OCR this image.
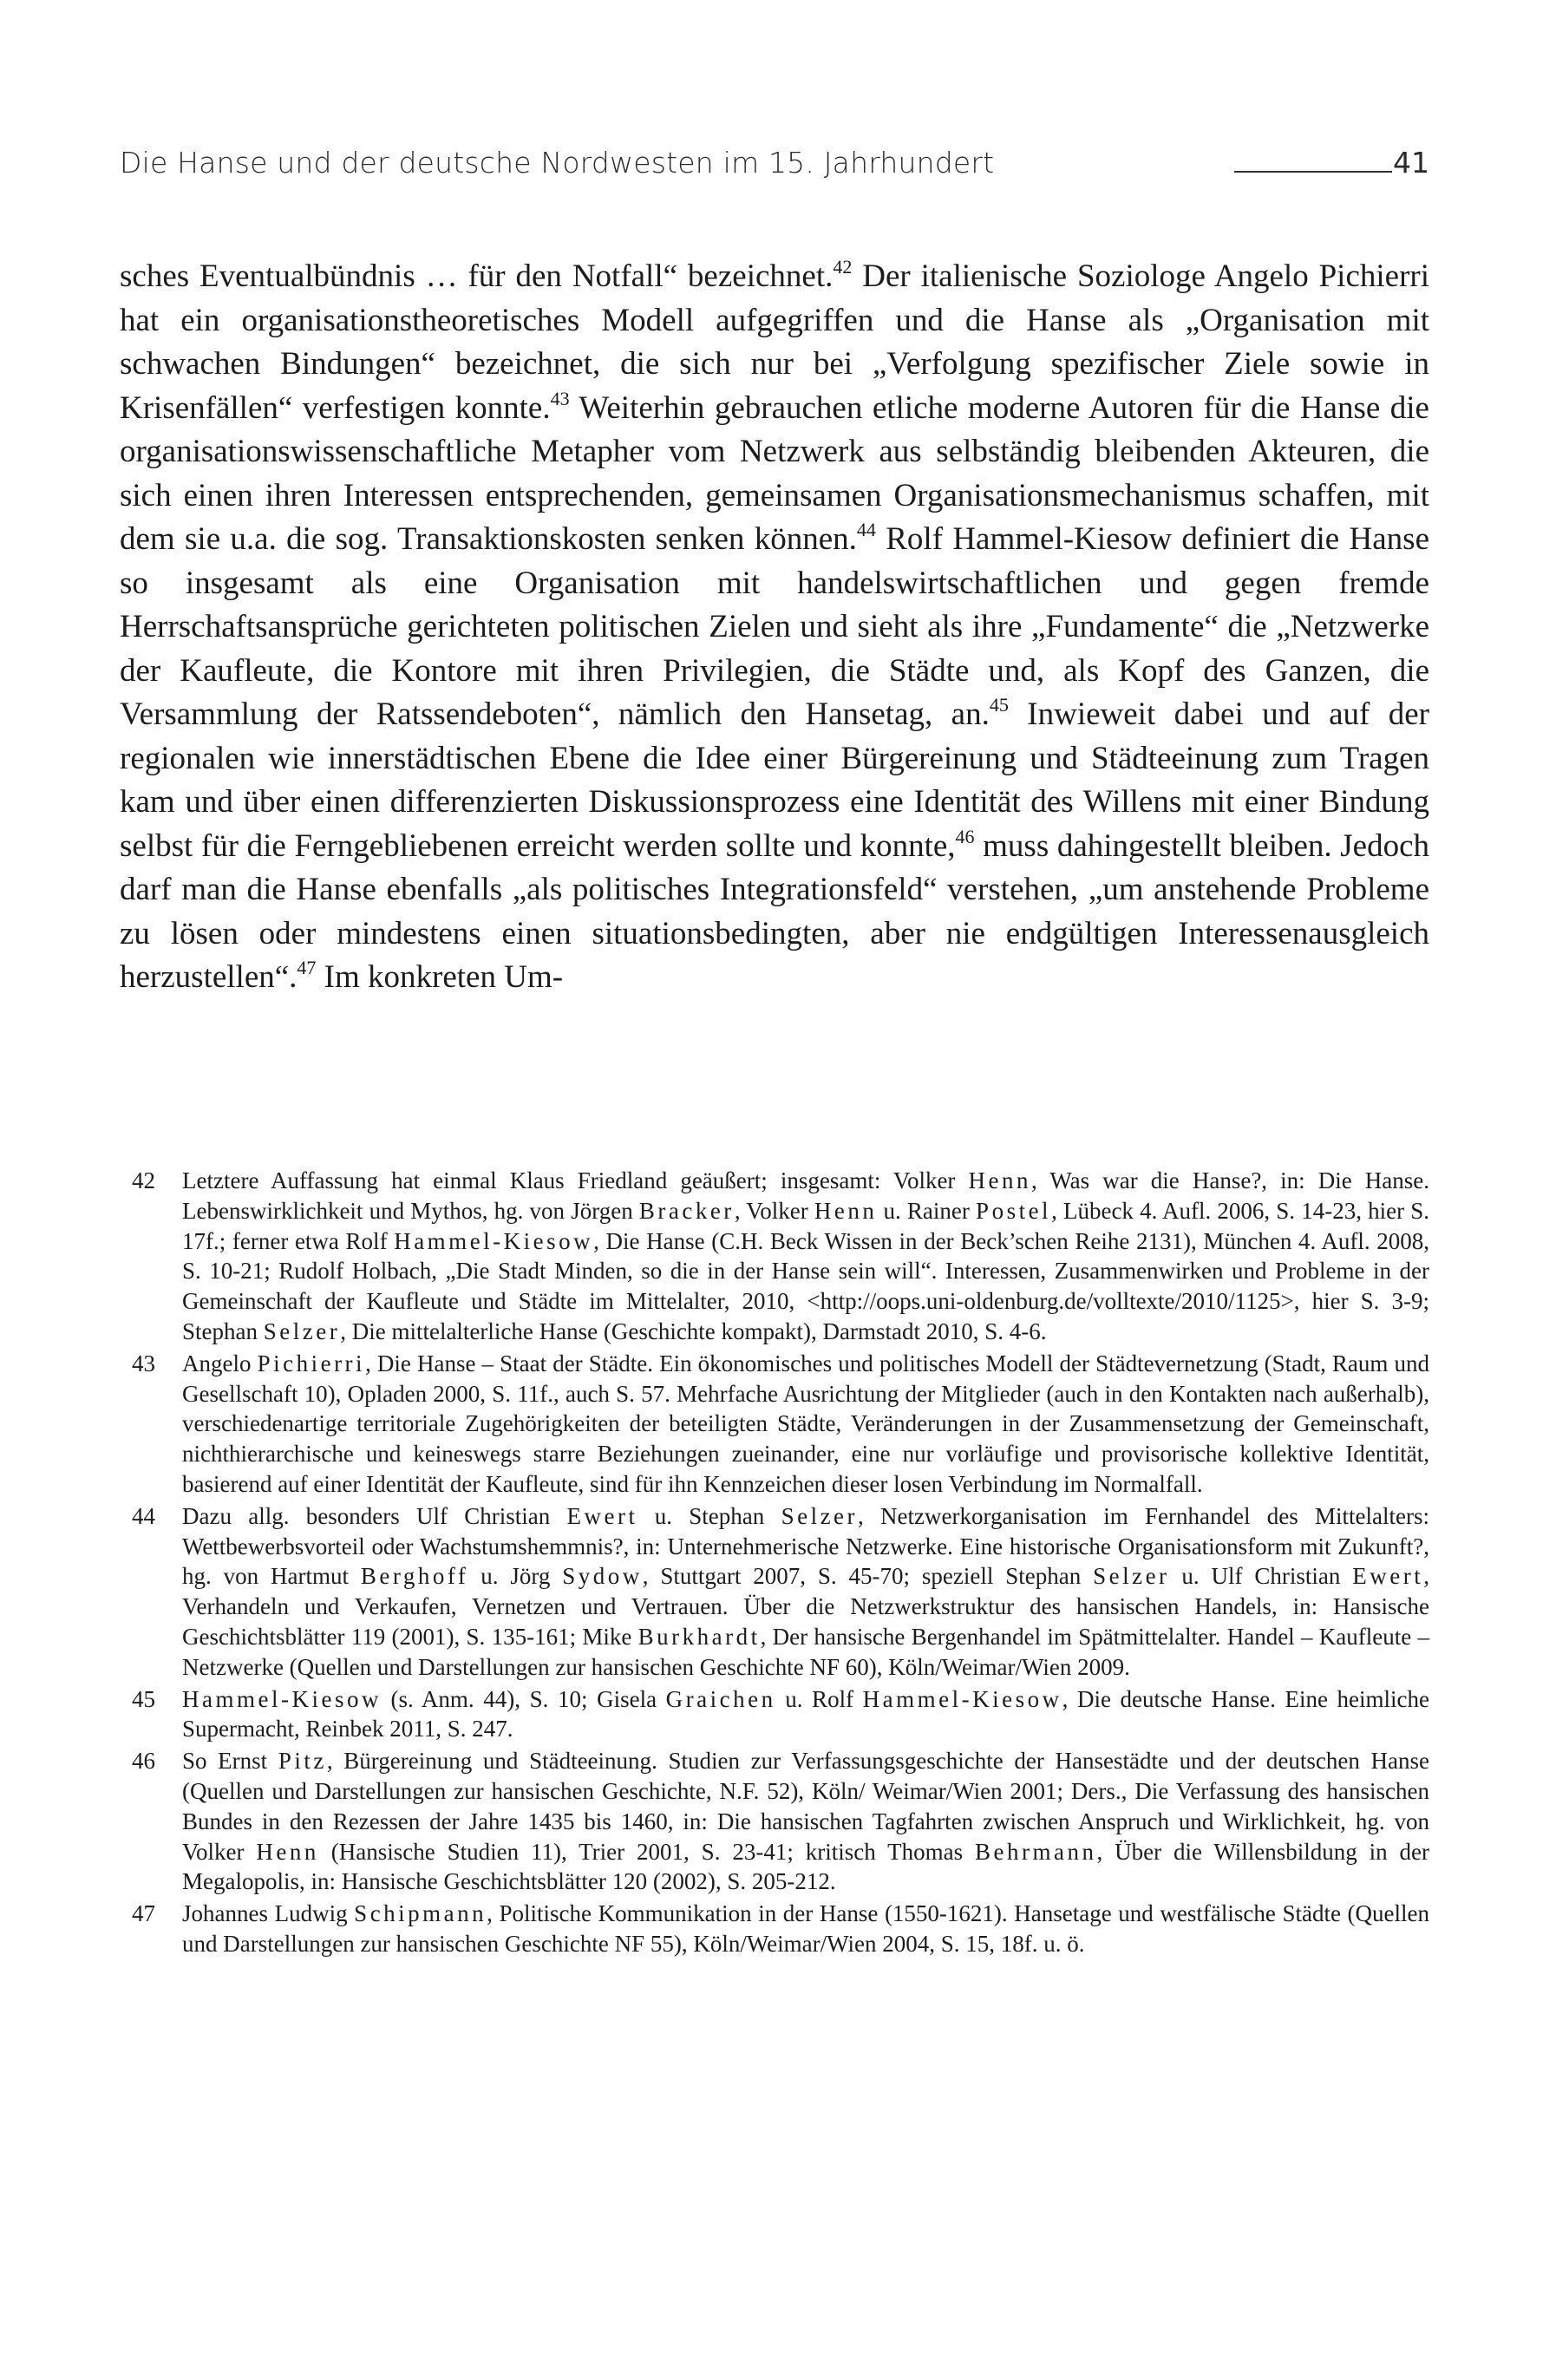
Die Hanse und der deutsche Nordwesten im 15. Jahrhundert	41

sches Eventualbündnis … für den Notfall“ bezeichnet.$^{42}$ Der italienische Soziologe Angelo Pichierri hat ein organisationstheoretisches Modell aufgegriffen und die Hanse als „Organisation mit schwachen Bindungen“ bezeichnet, die sich nur bei „Verfolgung spezifischer Ziele sowie in Krisenfällen“ verfestigen konnte.$^{43}$ Weiterhin gebrauchen etliche moderne Autoren für die Hanse die organisationswissenschaftliche Metapher vom Netzwerk aus selbständig bleibenden Akteuren, die sich einen ihren Interessen entsprechenden, gemeinsamen Organisationsmechanismus schaffen, mit dem sie u.a. die sog. Transaktionskosten senken können.$^{44}$ Rolf Hammel-Kiesow definiert die Hanse so insgesamt als eine Organisation mit handelswirtschaftlichen und gegen fremde Herrschaftsansprüche gerichteten politischen Zielen und sieht als ihre „Fundamente“ die „Netzwerke der Kaufleute, die Kontore mit ihren Privilegien, die Städte und, als Kopf des Ganzen, die Versammlung der Ratssendeboten“, nämlich den Hansetag, an.$^{45}$ Inwieweit dabei und auf der regionalen wie innerstädtischen Ebene die Idee einer Bürgereinung und Städteeinung zum Tragen kam und über einen differenzierten Diskussionsprozess eine Identität des Willens mit einer Bindung selbst für die Ferngebliebenen erreicht werden sollte und konnte,$^{46}$ muss dahingestellt bleiben. Jedoch darf man die Hanse ebenfalls „als politisches Integrationsfeld“ verstehen, „um anstehende Probleme zu lösen oder mindestens einen situationsbedingten, aber nie endgültigen Interessenausgleich herzustellen“.$^{47}$ Im konkreten Um-

42 Letztere Auffassung hat einmal Klaus Friedland geäußert; insgesamt: Volker Henn, Was war die Hanse?, in: Die Hanse. Lebenswirklichkeit und Mythos, hg. von Jörgen Bracker, Volker Henn u. Rainer Postel, Lübeck 4. Aufl. 2006, S. 14-23, hier S. 17f.; ferner etwa Rolf Hammel-Kiesow, Die Hanse (C.H. Beck Wissen in der Beck’schen Reihe 2131), München 4. Aufl. 2008, S. 10-21; Rudolf Holbach, „Die Stadt Minden, so die in der Hanse sein will“. Interessen, Zusammenwirken und Probleme in der Gemeinschaft der Kaufleute und Städte im Mittelalter, 2010, <http://oops.uni-oldenburg.de/volltexte/2010/1125>, hier S. 3-9; Stephan Selzer, Die mittelalterliche Hanse (Geschichte kompakt), Darmstadt 2010, S. 4-6.
43 Angelo Pichierri, Die Hanse – Staat der Städte. Ein ökonomisches und politisches Modell der Städtevernetzung (Stadt, Raum und Gesellschaft 10), Opladen 2000, S. 11f., auch S. 57. Mehrfache Ausrichtung der Mitglieder (auch in den Kontakten nach außerhalb), verschiedenartige territoriale Zugehörigkeiten der beteiligten Städte, Veränderungen in der Zusammensetzung der Gemeinschaft, nichthierarchische und keineswegs starre Beziehungen zueinander, eine nur vorläufige und provisorische kollektive Identität, basierend auf einer Identität der Kaufleute, sind für ihn Kennzeichen dieser losen Verbindung im Normalfall.
44 Dazu allg. besonders Ulf Christian Ewert u. Stephan Selzer, Netzwerkorganisation im Fernhandel des Mittelalters: Wettbewerbsvorteil oder Wachstumshemmnis?, in: Unternehmerische Netzwerke. Eine historische Organisationsform mit Zukunft?, hg. von Hartmut Berghoff u. Jörg Sydow, Stuttgart 2007, S. 45-70; speziell Stephan Selzer u. Ulf Christian Ewert, Verhandeln und Verkaufen, Vernetzen und Vertrauen. Über die Netzwerkstruktur des hansischen Handels, in: Hansische Geschichtsblätter 119 (2001), S. 135-161; Mike Burkhardt, Der hansische Bergenhandel im Spätmittelalter. Handel – Kaufleute – Netzwerke (Quellen und Darstellungen zur hansischen Geschichte NF 60), Köln/Weimar/Wien 2009.
45 Hammel-Kiesow (s. Anm. 44), S. 10; Gisela Graichen u. Rolf Hammel-Kiesow, Die deutsche Hanse. Eine heimliche Supermacht, Reinbek 2011, S. 247.
46 So Ernst Pitz, Bürgereinung und Städteeinung. Studien zur Verfassungsgeschichte der Hansestädte und der deutschen Hanse (Quellen und Darstellungen zur hansischen Geschichte, N.F. 52), Köln/ Weimar/Wien 2001; Ders., Die Verfassung des hansischen Bundes in den Rezessen der Jahre 1435 bis 1460, in: Die hansischen Tagfahrten zwischen Anspruch und Wirklichkeit, hg. von Volker Henn (Hansische Studien 11), Trier 2001, S. 23-41; kritisch Thomas Behrmann, Über die Willensbildung in der Megalopolis, in: Hansische Geschichtsblätter 120 (2002), S. 205-212.
47 Johannes Ludwig Schipmann, Politische Kommunikation in der Hanse (1550-1621). Hansetage und westfälische Städte (Quellen und Darstellungen zur hansischen Geschichte NF 55), Köln/Weimar/Wien 2004, S. 15, 18f. u. ö.
